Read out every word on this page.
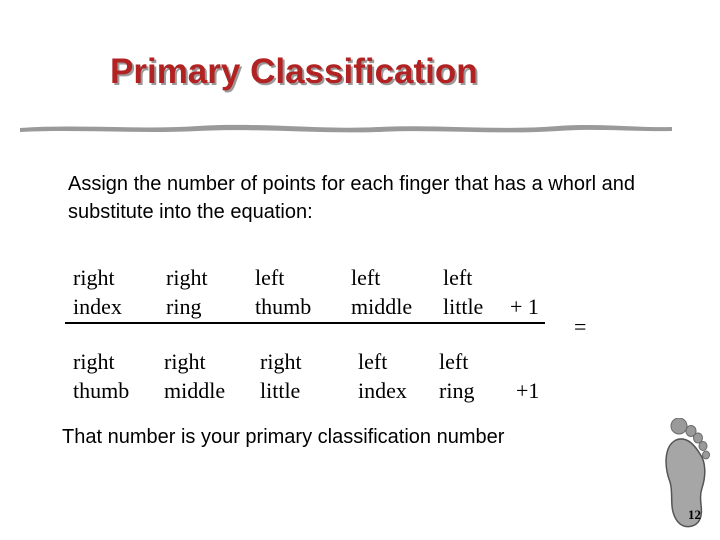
Primary Classification
Assign the number of points for each finger that has a whorl and substitute into the equation:
right
index
right
ring
left
thumb
left
middle
left
little + 1
=
right
thumb
right
middle
right
little
left
index
left
ring +1
That number is your primary classification number
12
